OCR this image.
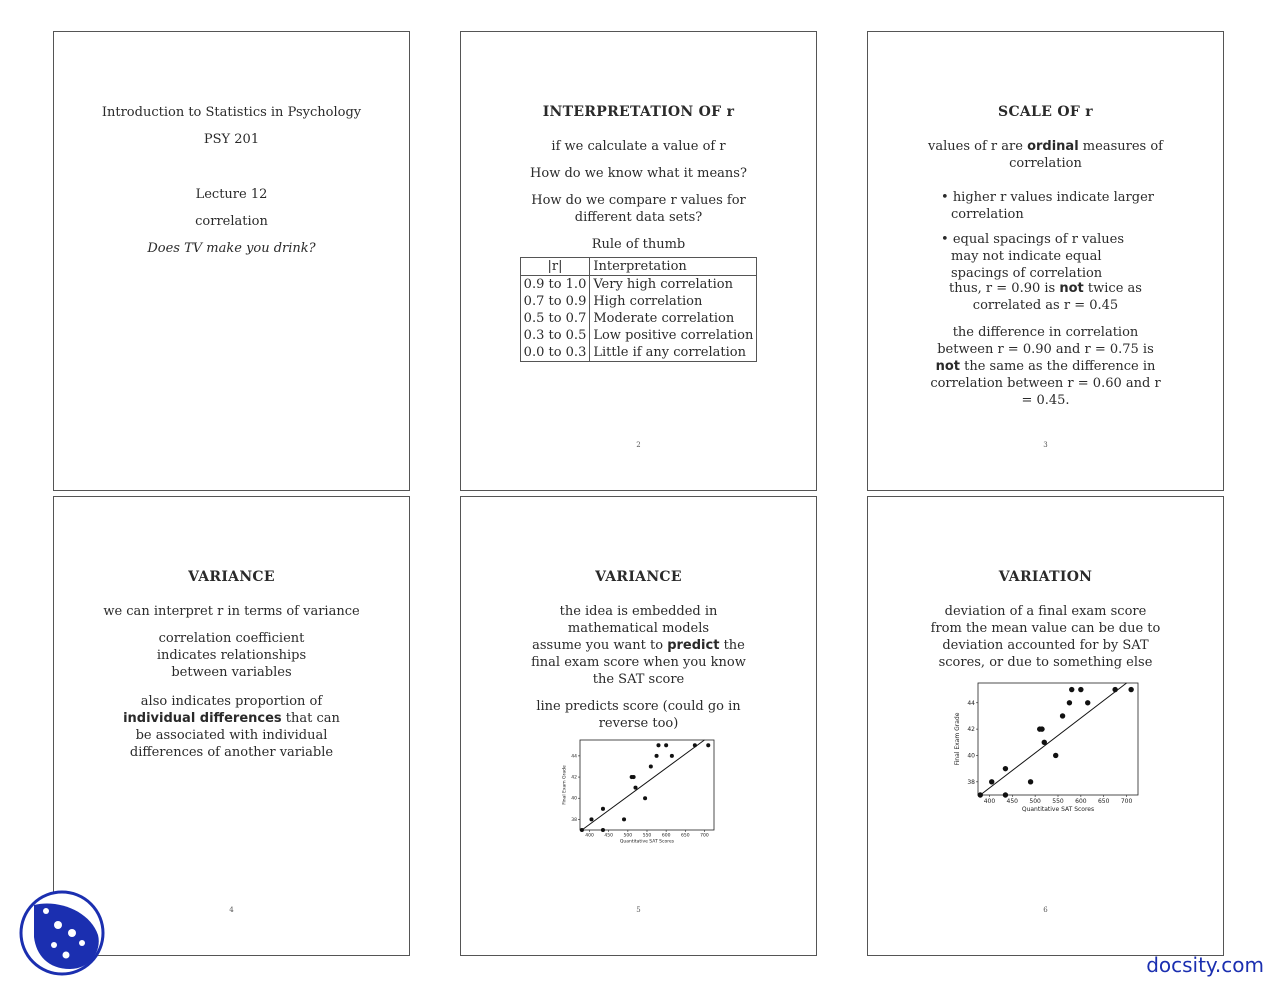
Introduction to Statistics in Psychology
PSY 201
Lecture 12
correlation
Does TV make you drink?
INTERPRETATION OF r
if we calculate a value of r
How do we know what it means?
How do we compare r values for different data sets?
Rule of thumb
|r|	Interpretation
0.9 to 1.0	Very high correlation
0.7 to 0.9	High correlation
0.5 to 0.7	Moderate correlation
0.3 to 0.5	Low positive correlation
0.0 to 0.3	Little if any correlation
2
SCALE OF r
values of r are ordinal measures of correlation
• higher r values indicate larger correlation
• equal spacings of r values may not indicate equal spacings of correlation
thus, r = 0.90 is not twice as correlated as r = 0.45
the difference in correlation between r = 0.90 and r = 0.75 is not the same as the difference in correlation between r = 0.60 and r = 0.45.
3
VARIANCE
we can interpret r in terms of variance
correlation coefficient indicates relationships between variables
also indicates proportion of individual differences that can be associated with individual differences of another variable
4
VARIANCE
the idea is embedded in mathematical models
assume you want to predict the final exam score when you know the SAT score
line predicts score (could go in reverse too)
400 450 500 550 600 650 700
38
40
42
44
Quantitative SAT Scores
Final Exam Grade
5
VARIATION
deviation of a final exam score from the mean value can be due to deviation accounted for by SAT scores, or due to something else
400 450 500 550 600 650 700
38
40
42
44
Quantitative SAT Scores
Final Exam Grade
6
docsity.com
